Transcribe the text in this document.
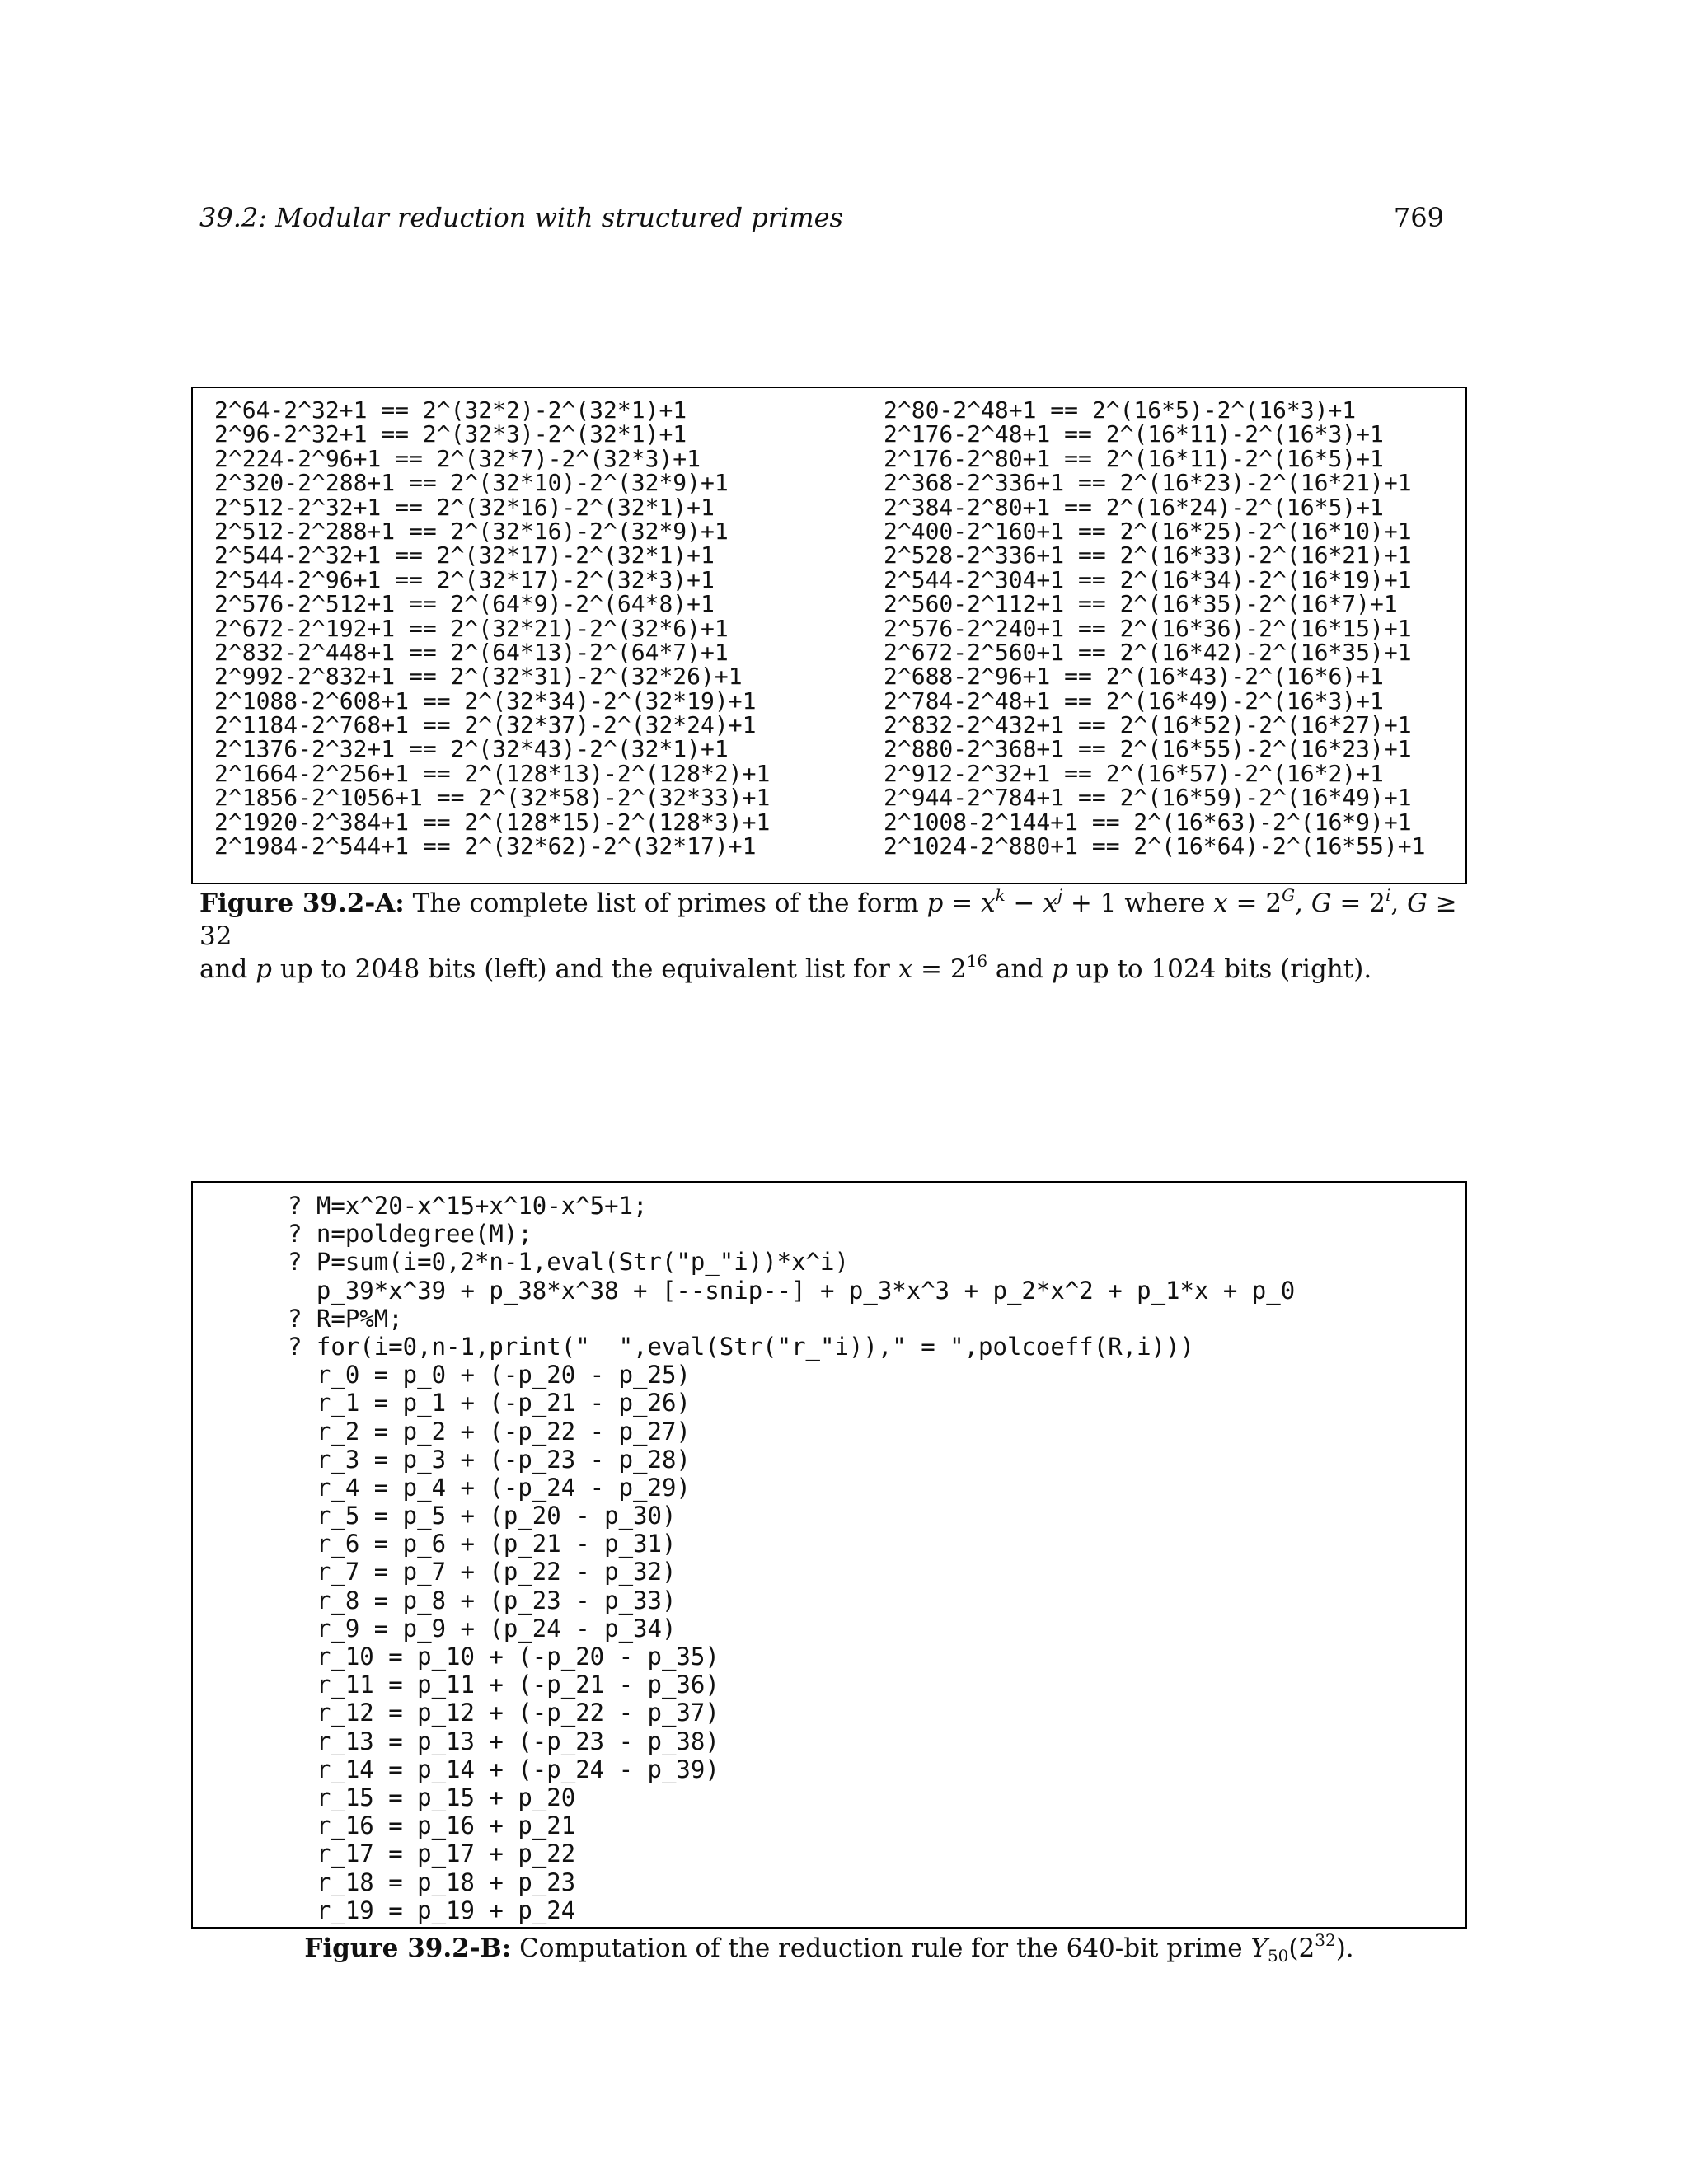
39.2: Modular reduction with structured primes	769
2^64-2^32+1 == 2^(32*2)-2^(32*1)+1
2^96-2^32+1 == 2^(32*3)-2^(32*1)+1
2^224-2^96+1 == 2^(32*7)-2^(32*3)+1
2^320-2^288+1 == 2^(32*10)-2^(32*9)+1
2^512-2^32+1 == 2^(32*16)-2^(32*1)+1
2^512-2^288+1 == 2^(32*16)-2^(32*9)+1
2^544-2^32+1 == 2^(32*17)-2^(32*1)+1
2^544-2^96+1 == 2^(32*17)-2^(32*3)+1
2^576-2^512+1 == 2^(64*9)-2^(64*8)+1
2^672-2^192+1 == 2^(32*21)-2^(32*6)+1
2^832-2^448+1 == 2^(64*13)-2^(64*7)+1
2^992-2^832+1 == 2^(32*31)-2^(32*26)+1
2^1088-2^608+1 == 2^(32*34)-2^(32*19)+1
2^1184-2^768+1 == 2^(32*37)-2^(32*24)+1
2^1376-2^32+1 == 2^(32*43)-2^(32*1)+1
2^1664-2^256+1 == 2^(128*13)-2^(128*2)+1
2^1856-2^1056+1 == 2^(32*58)-2^(32*33)+1
2^1920-2^384+1 == 2^(128*15)-2^(128*3)+1
2^1984-2^544+1 == 2^(32*62)-2^(32*17)+1
2^80-2^48+1 == 2^(16*5)-2^(16*3)+1
2^176-2^48+1 == 2^(16*11)-2^(16*3)+1
2^176-2^80+1 == 2^(16*11)-2^(16*5)+1
2^368-2^336+1 == 2^(16*23)-2^(16*21)+1
2^384-2^80+1 == 2^(16*24)-2^(16*5)+1
2^400-2^160+1 == 2^(16*25)-2^(16*10)+1
2^528-2^336+1 == 2^(16*33)-2^(16*21)+1
2^544-2^304+1 == 2^(16*34)-2^(16*19)+1
2^560-2^112+1 == 2^(16*35)-2^(16*7)+1
2^576-2^240+1 == 2^(16*36)-2^(16*15)+1
2^672-2^560+1 == 2^(16*42)-2^(16*35)+1
2^688-2^96+1 == 2^(16*43)-2^(16*6)+1
2^784-2^48+1 == 2^(16*49)-2^(16*3)+1
2^832-2^432+1 == 2^(16*52)-2^(16*27)+1
2^880-2^368+1 == 2^(16*55)-2^(16*23)+1
2^912-2^32+1 == 2^(16*57)-2^(16*2)+1
2^944-2^784+1 == 2^(16*59)-2^(16*49)+1
2^1008-2^144+1 == 2^(16*63)-2^(16*9)+1
2^1024-2^880+1 == 2^(16*64)-2^(16*55)+1
Figure 39.2-A: The complete list of primes of the form $p = x^k - x^j + 1$ where $x = 2^G$, $G = 2^i$, G ≥ 32
and p up to 2048 bits (left) and the equivalent list for $x = 2^{16}$ and p up to 1024 bits (right).
? M=x^20-x^15+x^10-x^5+1;
? n=poldegree(M);
? P=sum(i=0,2*n-1,eval(Str("p_"i))*x^i)
p_39*x^39 + p_38*x^38 + [--snip--] + p_3*x^3 + p_2*x^2 + p_1*x + p_0
? R=P%M;
? for(i=0,n-1,print("  ",eval(Str("r_"i))," = ",polcoeff(R,i)))
r_0 = p_0 + (-p_20 - p_25)
r_1 = p_1 + (-p_21 - p_26)
r_2 = p_2 + (-p_22 - p_27)
r_3 = p_3 + (-p_23 - p_28)
r_4 = p_4 + (-p_24 - p_29)
r_5 = p_5 + (p_20 - p_30)
r_6 = p_6 + (p_21 - p_31)
r_7 = p_7 + (p_22 - p_32)
r_8 = p_8 + (p_23 - p_33)
r_9 = p_9 + (p_24 - p_34)
r_10 = p_10 + (-p_20 - p_35)
r_11 = p_11 + (-p_21 - p_36)
r_12 = p_12 + (-p_22 - p_37)
r_13 = p_13 + (-p_23 - p_38)
r_14 = p_14 + (-p_24 - p_39)
r_15 = p_15 + p_20
r_16 = p_16 + p_21
r_17 = p_17 + p_22
r_18 = p_18 + p_23
r_19 = p_19 + p_24
Figure 39.2-B: Computation of the reduction rule for the 640-bit prime $Y_{50}(2^{32})$.
